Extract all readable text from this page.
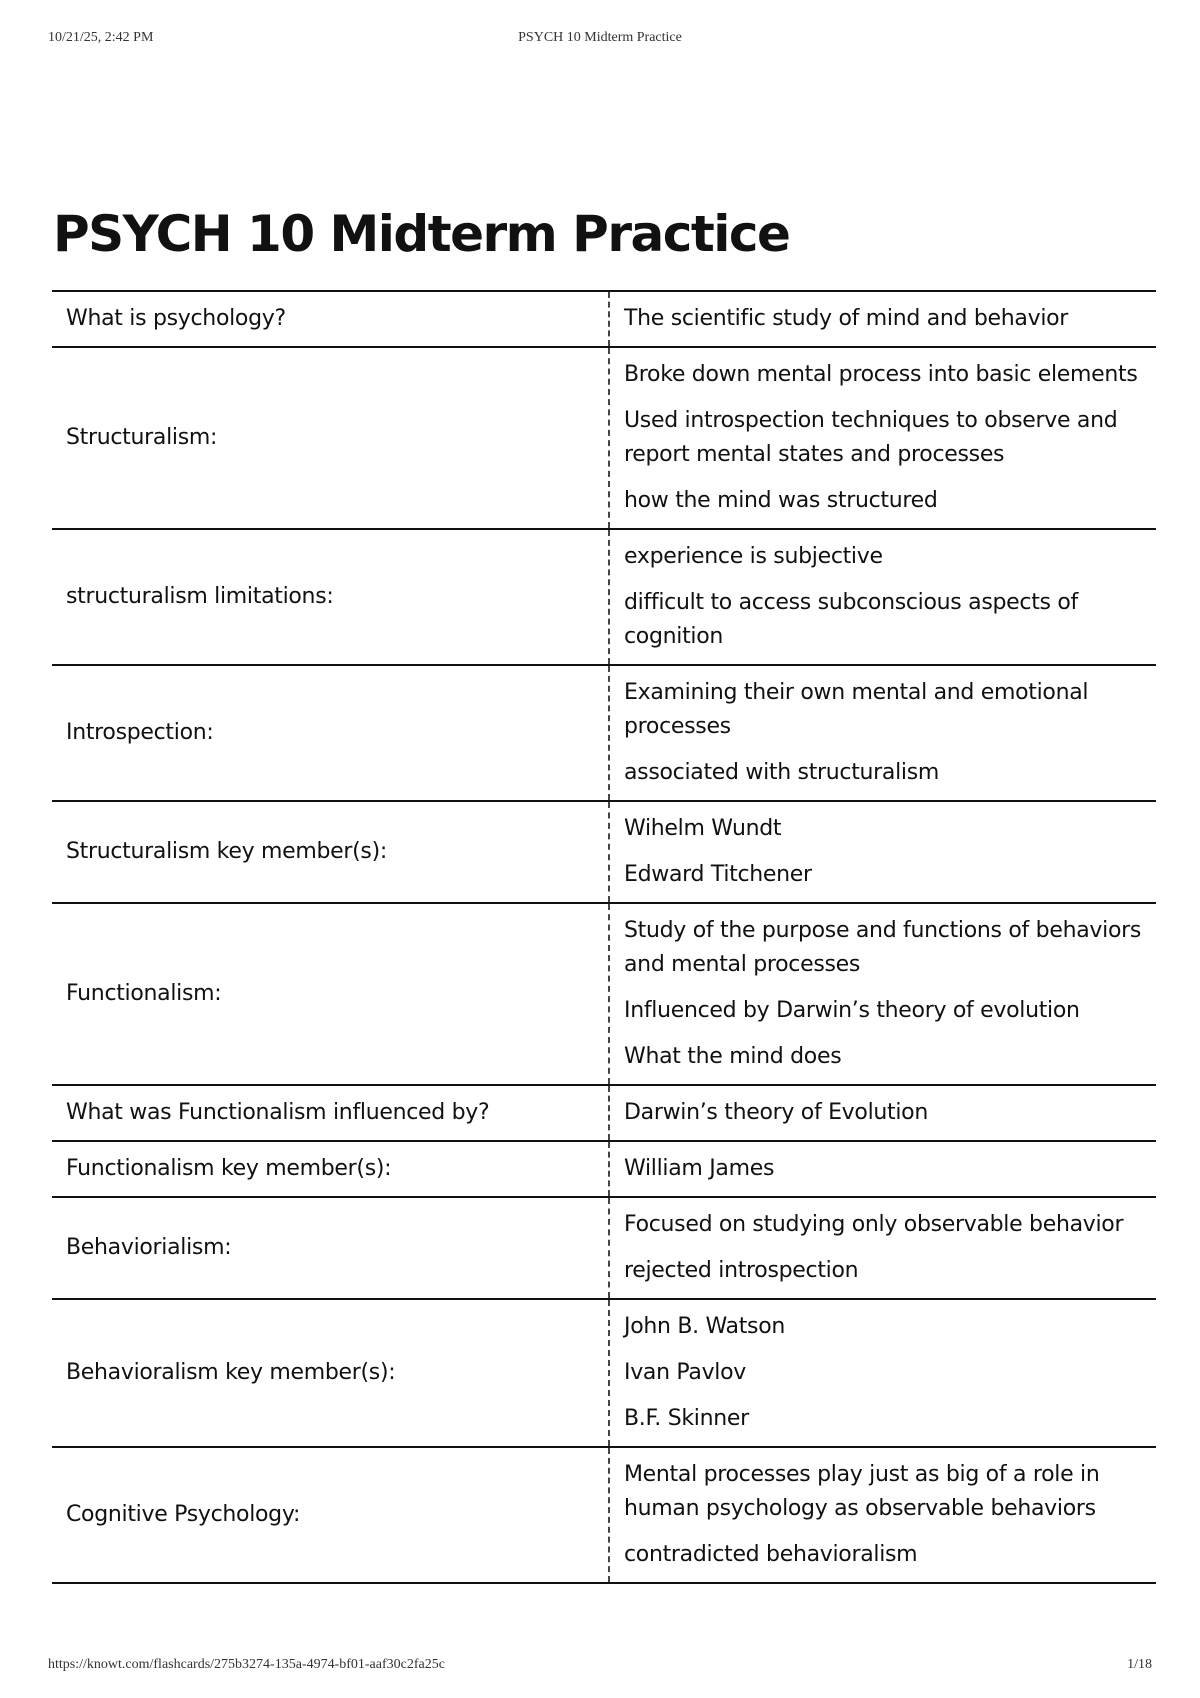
10/21/25, 2:42 PM	PSYCH 10 Midterm Practice
PSYCH 10 Midterm Practice
What is psychology?	The scientific study of mind and behavior

Structuralism:	Broke down mental process into basic elements
Used introspection techniques to observe and report mental states and processes
how the mind was structured

structuralism limitations:	experience is subjective
difficult to access subconscious aspects of cognition

Introspection:	Examining their own mental and emotional processes
associated with structuralism

Structuralism key member(s):	Wihelm Wundt
Edward Titchener

Functionalism:	Study of the purpose and functions of behaviors and mental processes
Influenced by Darwin’s theory of evolution
What the mind does

What was Functionalism influenced by?	Darwin’s theory of Evolution

Functionalism key member(s):	William James

Behaviorialism:	Focused on studying only observable behavior
rejected introspection

Behavioralism key member(s):	John B. Watson
Ivan Pavlov
B.F. Skinner

Cognitive Psychology:	Mental processes play just as big of a role in human psychology as observable behaviors
contradicted behavioralism
https://knowt.com/flashcards/275b3274-135a-4974-bf01-aaf30c2fa25c	1/18
